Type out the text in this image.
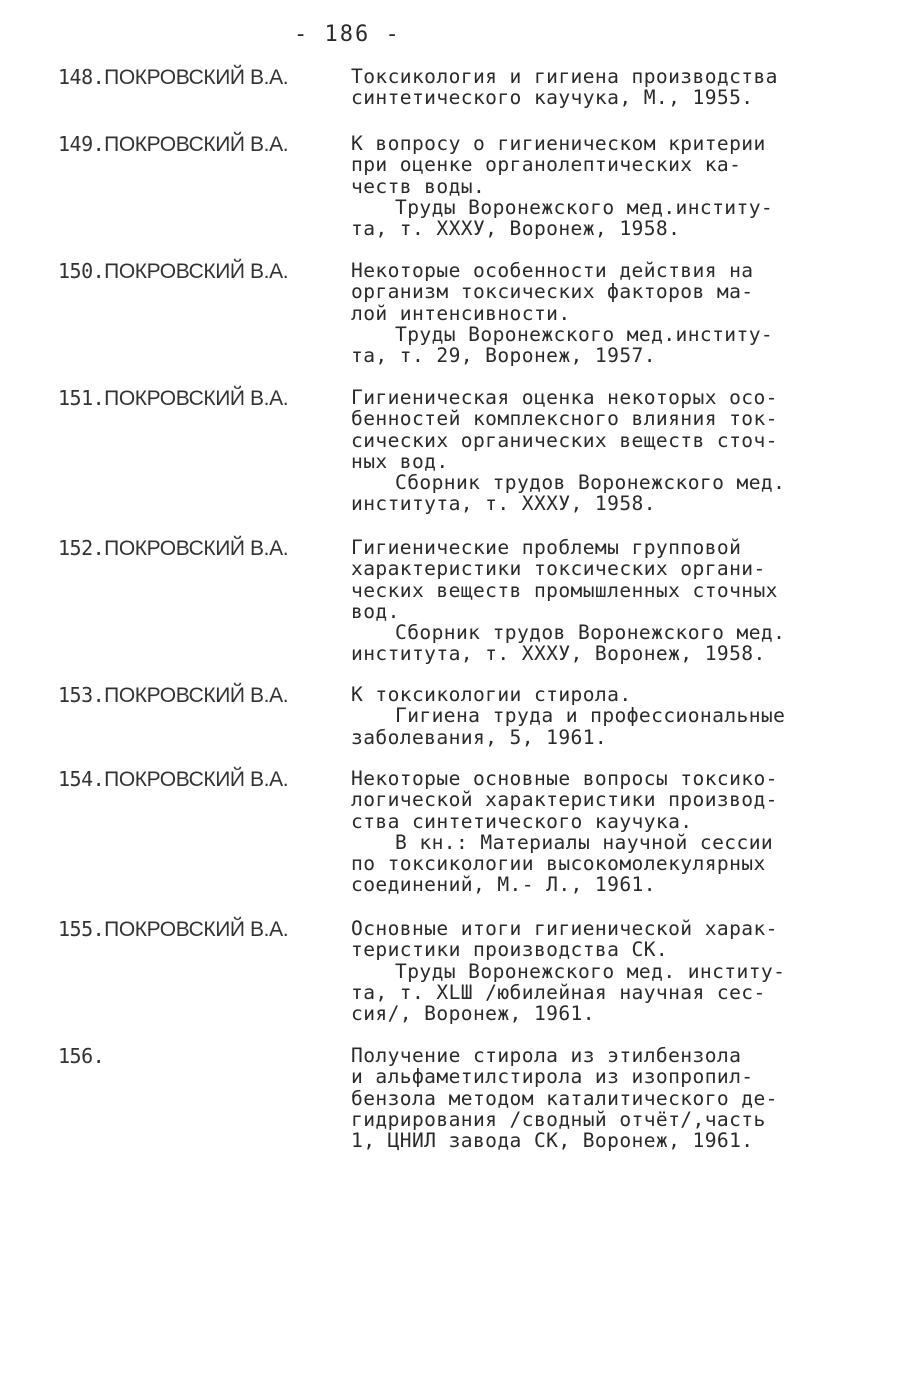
- 186 -
148.ПОКРОВСКИЙ В.А.	Токсикология и гигиена производства
синтетического каучука, М., 1955.
149.ПОКРОВСКИЙ В.А.	К вопросу о гигиеническом критерии
при оценке органолептических ка-
честв воды.
Труды Воронежского мед.институ-
та, т. ХХХУ, Воронеж, 1958.
150.ПОКРОВСКИЙ В.А.	Некоторые особенности действия на
организм токсических факторов ма-
лой интенсивности.
Труды Воронежского мед.институ-
та, т. 29, Воронеж, 1957.
151.ПОКРОВСКИЙ В.А.	Гигиеническая оценка некоторых осо-
бенностей комплексного влияния ток-
сических органических веществ сточ-
ных вод.
Сборник трудов Воронежского мед.
института, т. ХХХУ, 1958.
152.ПОКРОВСКИЙ В.А.	Гигиенические проблемы групповой
характеристики токсических органи-
ческих веществ промышленных сточных
вод.
Сборник трудов Воронежского мед.
института, т. ХХХУ, Воронеж, 1958.
153.ПОКРОВСКИЙ В.А.	К токсикологии стирола.
Гигиена труда и профессиональные
заболевания, 5, 1961.
154.ПОКРОВСКИЙ В.А.	Некоторые основные вопросы токсико-
логической характеристики производ-
ства синтетического каучука.
В кн.: Материалы научной сессии
по токсикологии высокомолекулярных
соединений, М.- Л., 1961.
155.ПОКРОВСКИЙ В.А.	Основные итоги гигиенической харак-
теристики производства СК.
Труды Воронежского мед. институ-
та, т. ХLШ /юбилейная научная сес-
сия/, Воронеж, 1961.
156.	Получение стирола из этилбензола
и альфаметилстирола из изопропил-
бензола методом каталитического де-
гидрирования /сводный отчёт/,часть
1, ЦНИЛ завода СК, Воронеж, 1961.
